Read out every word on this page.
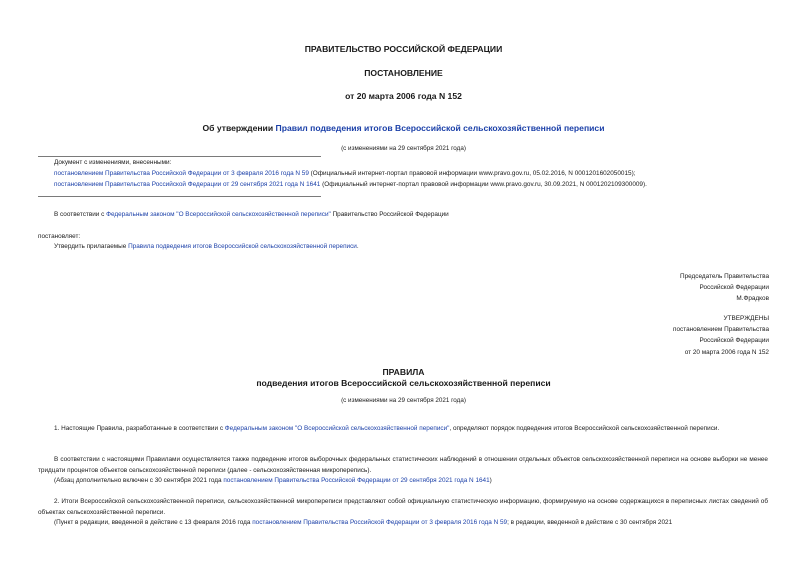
ПРАВИТЕЛЬСТВО РОССИЙСКОЙ ФЕДЕРАЦИИ
ПОСТАНОВЛЕНИЕ
от 20 марта 2006 года N 152
Об утверждении Правил подведения итогов Всероссийской сельскохозяйственной переписи
(с изменениями на 29 сентября 2021 года)
Документ с изменениями, внесенными:
постановлением Правительства Российской Федерации от 3 февраля 2016 года N 59 (Официальный интернет-портал правовой информации www.pravo.gov.ru, 05.02.2016, N 0001201602050015);
постановлением Правительства Российской Федерации от 29 сентября 2021 года N 1641 (Официальный интернет-портал правовой информации www.pravo.gov.ru, 30.09.2021, N 0001202109300009).
В соответствии с Федеральным законом "О Всероссийской сельскохозяйственной переписи" Правительство Российской Федерации
постановляет:
Утвердить прилагаемые Правила подведения итогов Всероссийской сельскохозяйственной переписи.
Председатель Правительства
Российской Федерации
М.Фрадков
УТВЕРЖДЕНЫ
постановлением Правительства
Российской Федерации
от 20 марта 2006 года N 152
ПРАВИЛА
подведения итогов Всероссийской сельскохозяйственной переписи
(с изменениями на 29 сентября 2021 года)
1. Настоящие Правила, разработанные в соответствии с Федеральным законом "О Всероссийской сельскохозяйственной переписи", определяют порядок подведения итогов Всероссийской сельскохозяйственной переписи.
В соответствии с настоящими Правилами осуществляется также подведение итогов выборочных федеральных статистических наблюдений в отношении отдельных объектов сельскохозяйственной переписи на основе выборки не менее тридцати процентов объектов сельскохозяйственной переписи (далее - сельскохозяйственная микроперепись).
(Абзац дополнительно включен с 30 сентября 2021 года постановлением Правительства Российской Федерации от 29 сентября 2021 года N 1641)
2. Итоги Всероссийской сельскохозяйственной переписи, сельскохозяйственной микропереписи представляют собой официальную статистическую информацию, формируемую на основе содержащихся в переписных листах сведений об объектах сельскохозяйственной переписи.
(Пункт в редакции, введенной в действие с 13 февраля 2016 года постановлением Правительства Российской Федерации от 3 февраля 2016 года N 59; в редакции, введенной в действие с 30 сентября 2021
